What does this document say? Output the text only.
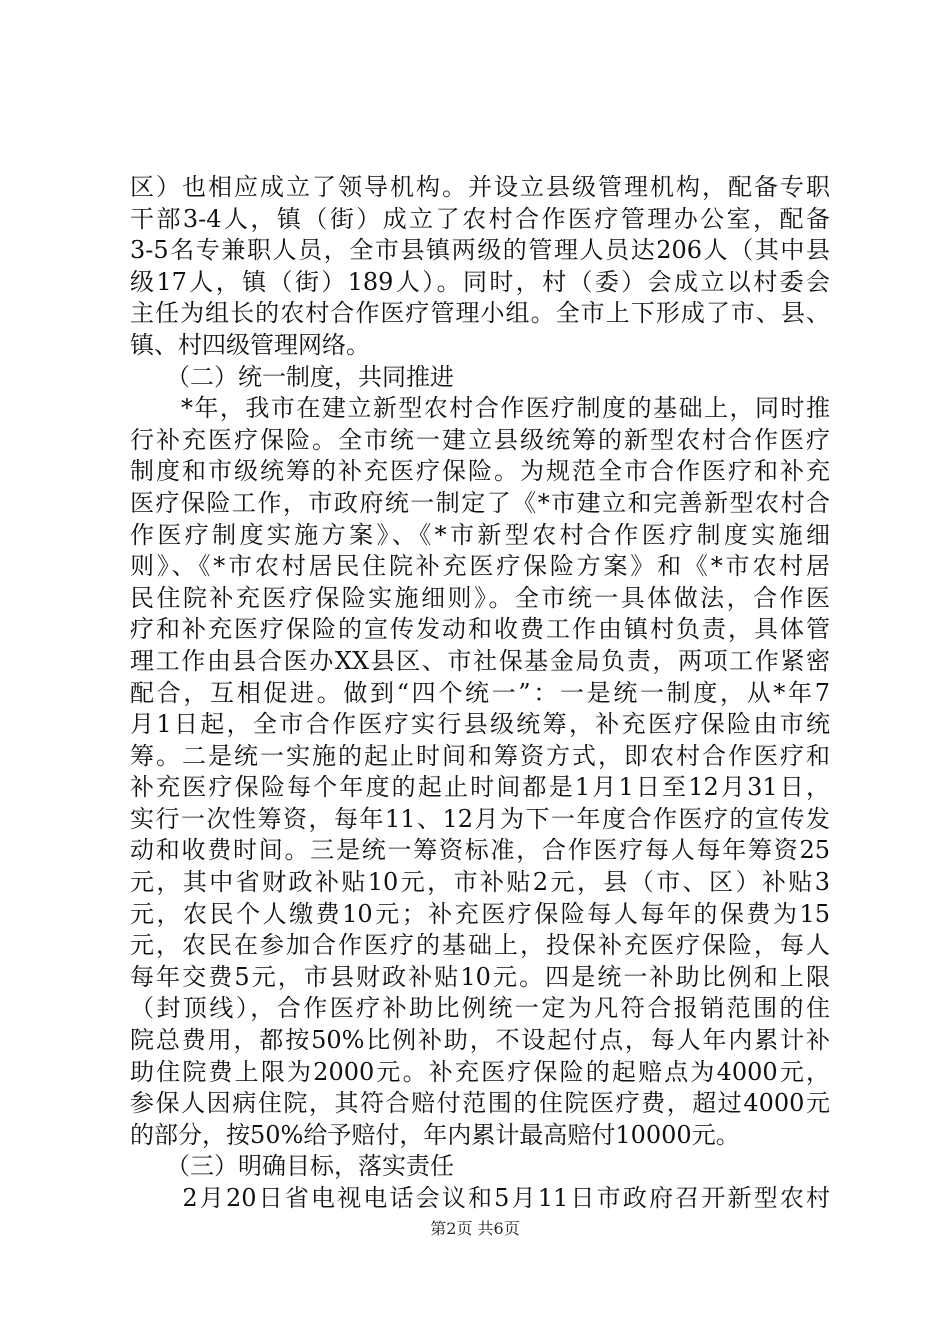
区）也相应成立了领导机构。并设立县级管理机构，配备专职
干部3-4人，镇（街）成立了农村合作医疗管理办公室，配备
3-5名专兼职人员，全市县镇两级的管理人员达206人（其中县
级17人，镇（街）189人）。同时，村（委）会成立以村委会
主任为组长的农村合作医疗管理小组。全市上下形成了市、县、
镇、村四级管理网络。
　　（二）统一制度，共同推进
　　*年，我市在建立新型农村合作医疗制度的基础上，同时推
行补充医疗保险。全市统一建立县级统筹的新型农村合作医疗
制度和市级统筹的补充医疗保险。为规范全市合作医疗和补充
医疗保险工作，市政府统一制定了《*市建立和完善新型农村合
作医疗制度实施方案》、《*市新型农村合作医疗制度实施细
则》、《*市农村居民住院补充医疗保险方案》和《*市农村居
民住院补充医疗保险实施细则》。全市统一具体做法，合作医
疗和补充医疗保险的宣传发动和收费工作由镇村负责，具体管
理工作由县合医办XX县区、市社保基金局负责，两项工作紧密
配合，互相促进。做到“四个统一”：一是统一制度，从*年7
月1日起，全市合作医疗实行县级统筹，补充医疗保险由市统
筹。二是统一实施的起止时间和筹资方式，即农村合作医疗和
补充医疗保险每个年度的起止时间都是1月1日至12月31日，
实行一次性筹资，每年11、12月为下一年度合作医疗的宣传发
动和收费时间。三是统一筹资标准，合作医疗每人每年筹资25
元，其中省财政补贴10元，市补贴2元，县（市、区）补贴3
元，农民个人缴费10元；补充医疗保险每人每年的保费为15
元，农民在参加合作医疗的基础上，投保补充医疗保险，每人
每年交费5元，市县财政补贴10元。四是统一补助比例和上限
（封顶线），合作医疗补助比例统一定为凡符合报销范围的住
院总费用，都按50%比例补助，不设起付点，每人年内累计补
助住院费上限为2000元。补充医疗保险的起赔点为4000元，
参保人因病住院，其符合赔付范围的住院医疗费，超过4000元
的部分，按50%给予赔付，年内累计最高赔付10000元。
　　（三）明确目标，落实责任
　　2月20日省电视电话会议和5月11日市政府召开新型农村
第2页 共6页
